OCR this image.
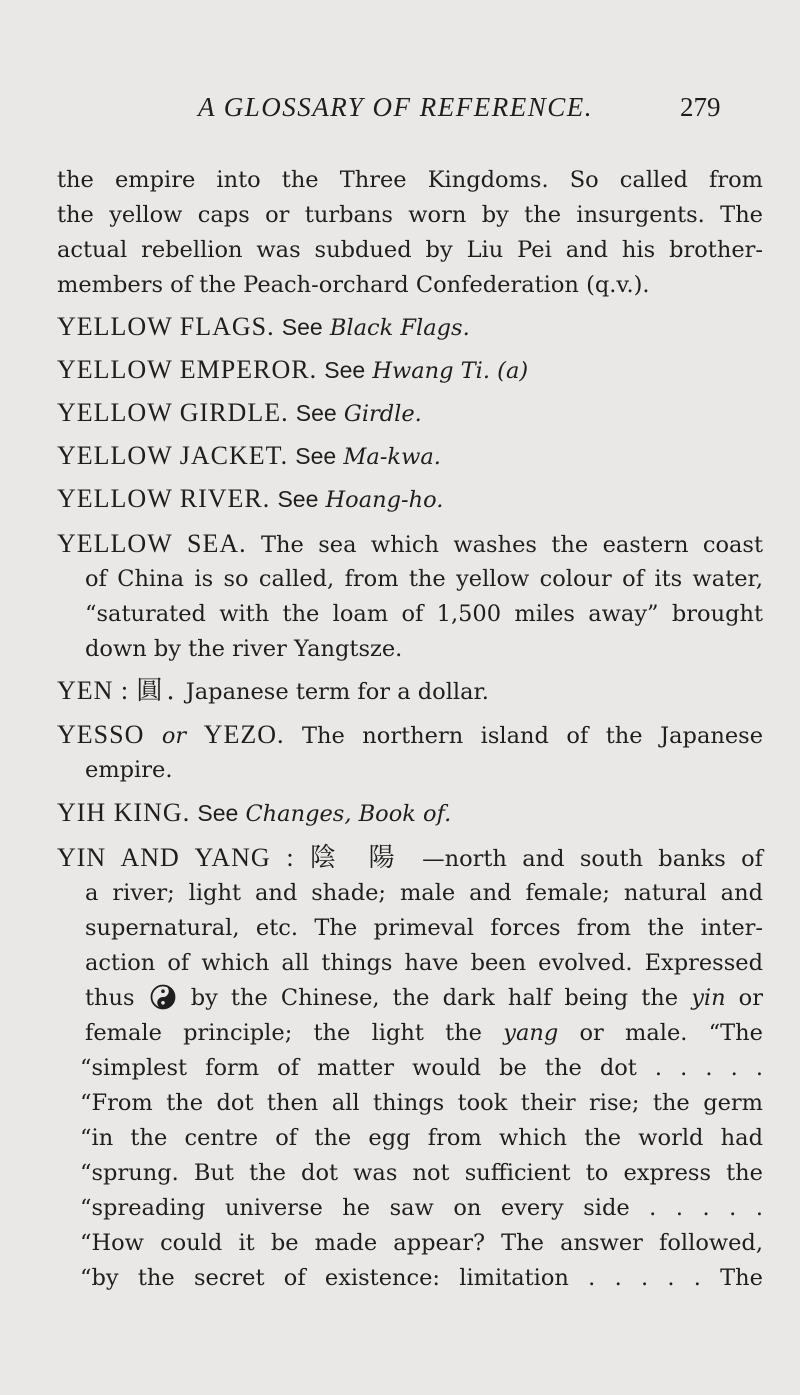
A GLOSSARY OF REFERENCE.	279
the empire into the Three Kingdoms. So called from
the yellow caps or turbans worn by the insurgents. The
actual rebellion was subdued by Liu Pei and his brother-
members of the Peach-orchard Confederation (q.v.).
YELLOW FLAGS. See Black Flags.
YELLOW EMPEROR. See Hwang Ti. (a)
YELLOW GIRDLE. See Girdle.
YELLOW JACKET. See Ma-kwa.
YELLOW RIVER. See Hoang-ho.
YELLOW SEA. The sea which washes the eastern coast
of China is so called, from the yellow colour of its water,
“saturated with the loam of 1,500 miles away” brought
down by the river Yangtsze.
YEN : 圓. Japanese term for a dollar.
YESSO or YEZO. The northern island of the Japanese
empire.
YIH KING. See Changes, Book of.
YIN AND YANG : 陰 陽 —north and south banks of
a river; light and shade; male and female; natural and
supernatural, etc. The primeval forces from the inter-
action of which all things have been evolved. Expressed
thus by the Chinese, the dark half being the yin or
female principle; the light the yang or male. “The
“simplest form of matter would be the dot . . . . .
“From the dot then all things took their rise; the germ
“in the centre of the egg from which the world had
“sprung. But the dot was not sufficient to express the
“spreading universe he saw on every side . . . . .
“How could it be made appear? The answer followed,
“by the secret of existence: limitation . . . . . The
